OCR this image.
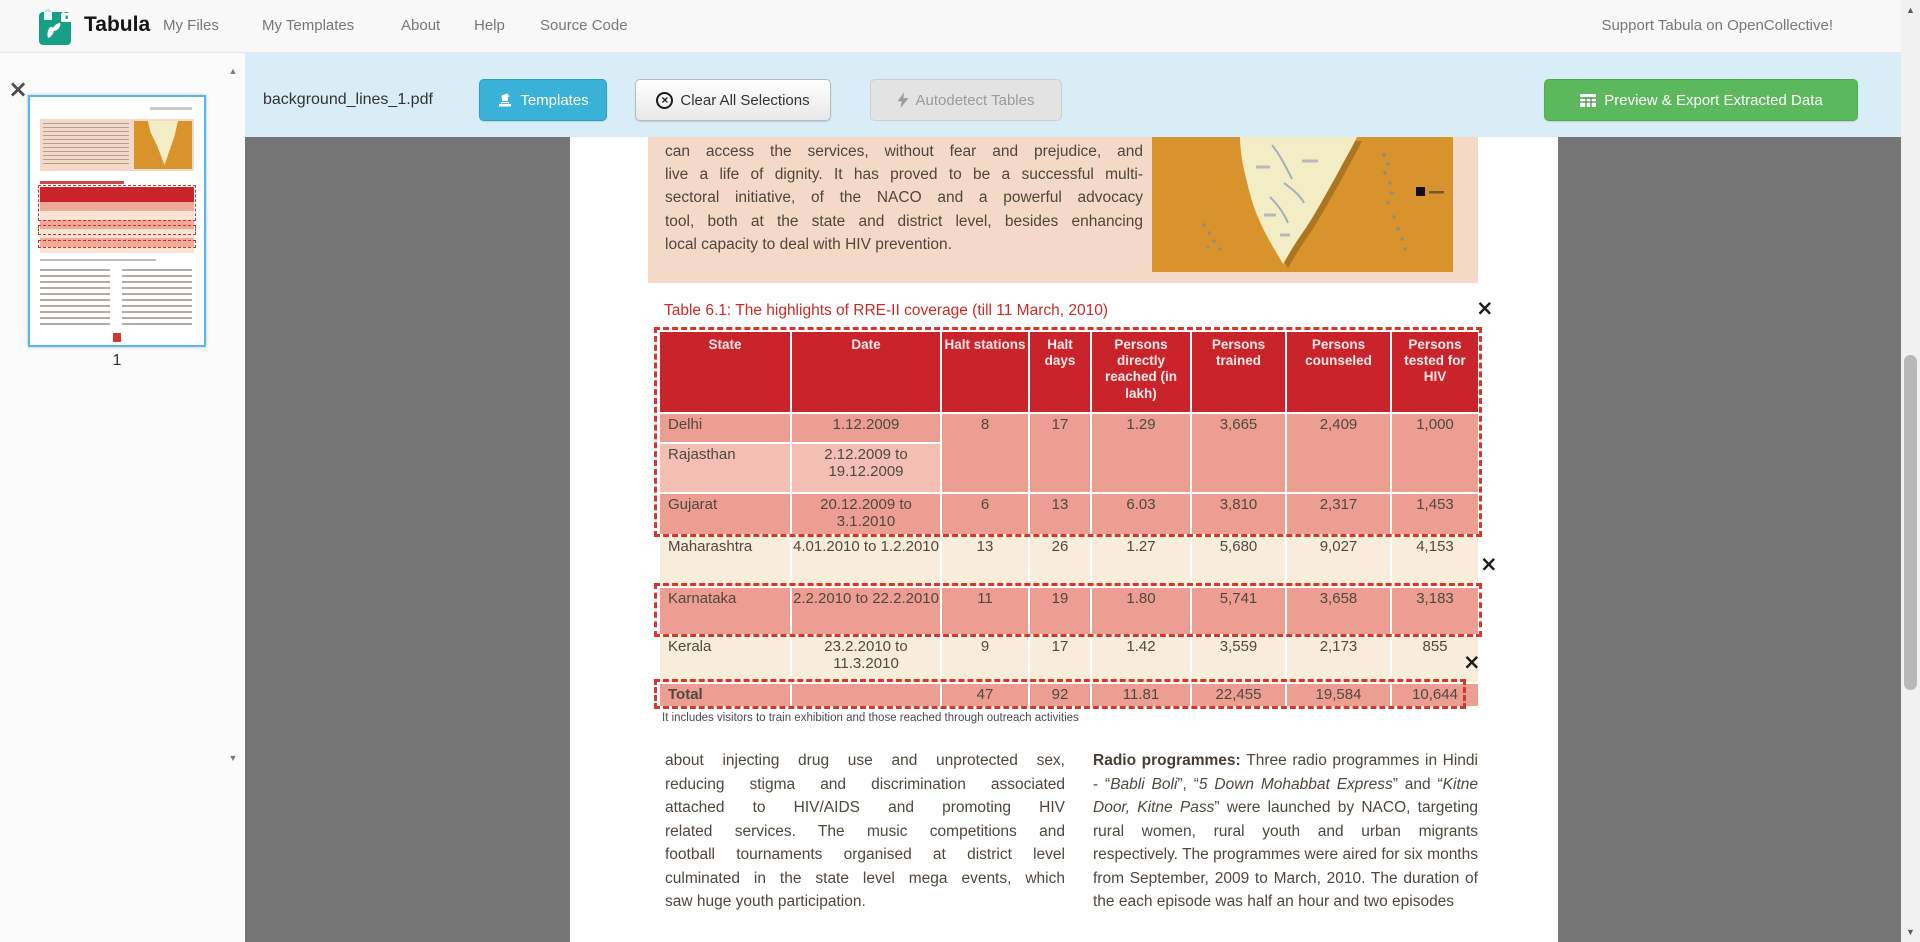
Tabula My Files	My Templates	About Help Source Code	Support Tabula on OpenCollective!
×
1
▲
▼
background_lines_1.pdf	Templates	× Clear All Selections	Autodetect Tables	Preview & Export Extracted Data
can access the services, without fear and prejudice, and
live a life of dignity. It has proved to be a successful multi-
sectoral initiative, of the NACO and a powerful advocacy
tool, both at the state and district level, besides enhancing
local capacity to deal with HIV prevention.
Table 6.1: The highlights of RRE-II coverage (till 11 March, 2010)
State	Date	Halt stations	Halt days	Persons directly reached (in lakh)	Persons trained	Persons counseled	Persons tested for HIV
Delhi	1.12.2009	8	17	1.29	3,665	2,409	1,000
Rajasthan	2.12.2009 to 19.12.2009						
Gujarat	20.12.2009 to 3.1.2010	6	13	6.03	3,810	2,317	1,453
Maharashtra	4.01.2010 to 1.2.2010	13	26	1.27	5,680	9,027	4,153
Karnataka	2.2.2010 to 22.2.2010	11	19	1.80	5,741	3,658	3,183
Kerala	23.2.2010 to 11.3.2010	9	17	1.42	3,559	2,173	855
Total		47	92	11.81	22,455	19,584	10,644
×
×
×
It includes visitors to train exhibition and those reached through outreach activities
about injecting drug use and unprotected sex,
reducing stigma and discrimination associated
attached to HIV/AIDS and promoting HIV
related services. The music competitions and
football tournaments organised at district level
culminated in the state level mega events, which
saw huge youth participation.
Radio programmes: Three radio programmes in Hindi - “Babli Boli”, “5 Down Mohabbat Express” and “Kitne Door, Kitne Pass” were launched by NACO, targeting rural women, rural youth and urban migrants respectively. The programmes were aired for six months from September, 2009 to March, 2010. The duration of the each episode was half an hour and two episodes
▲
▼
